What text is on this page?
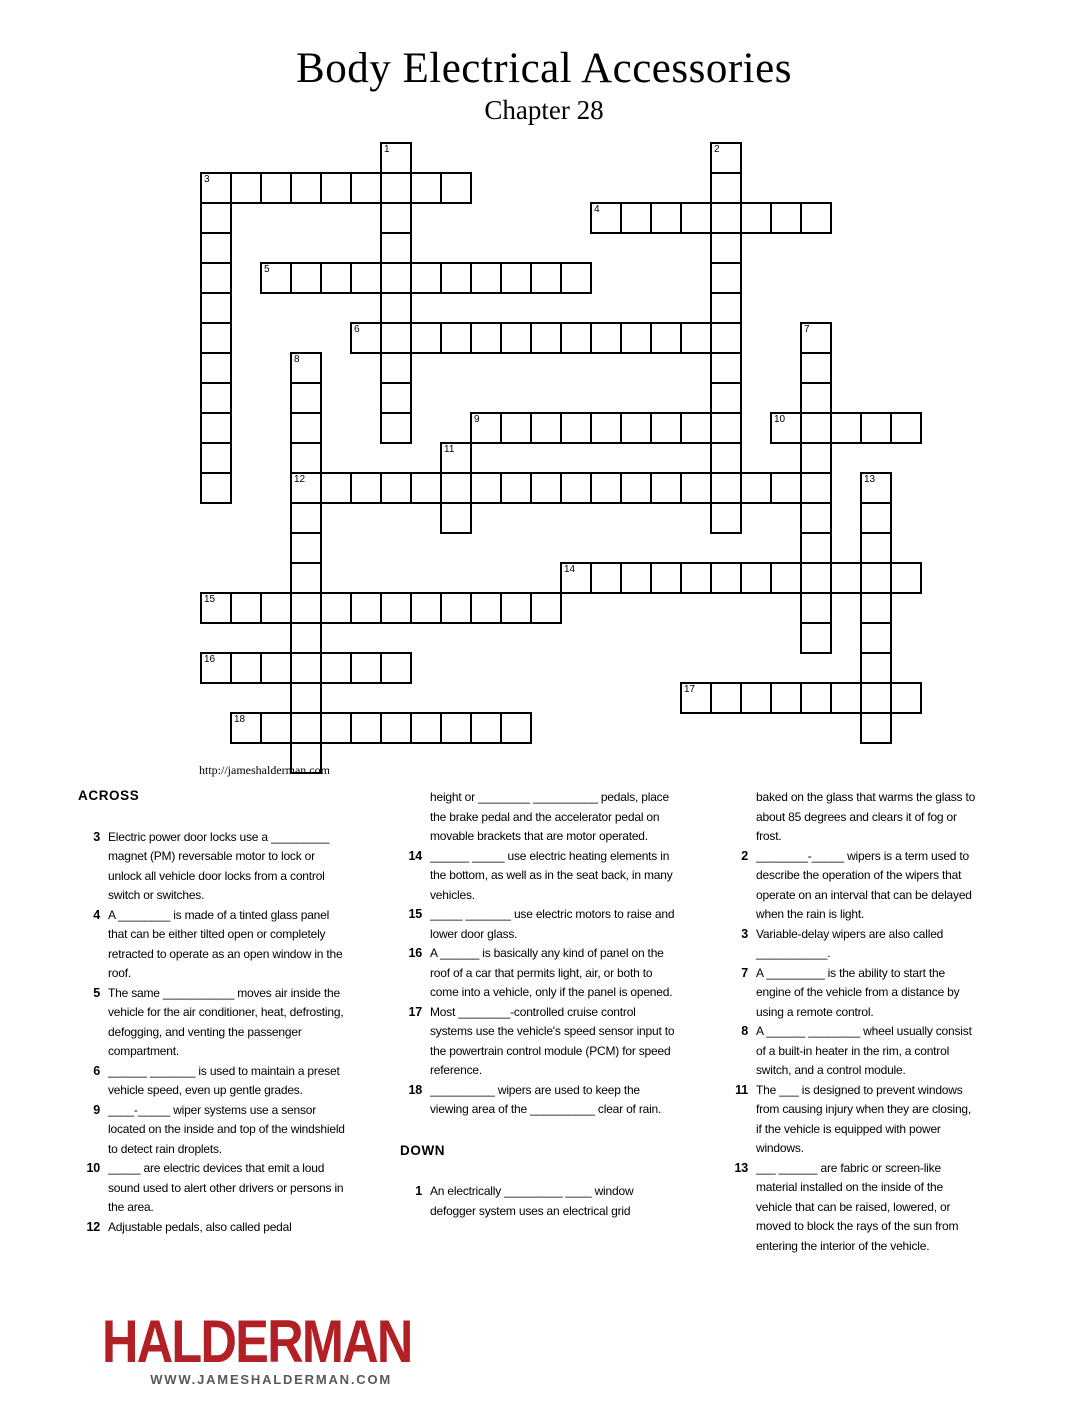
Body Electrical Accessories
Chapter 28
3
4
5
6
9	10
12
14
15
16
17
18
1	2
7
8
11
13
http://jameshalderman.com
ACROSS
3 Electric power door locks use a _________ magnet (PM) reversable motor to lock or unlock all vehicle door locks from a control switch or switches.
4 A ________ is made of a tinted glass panel that can be either tilted open or completely retracted to operate as an open window in the roof.
5 The same ___________ moves air inside the vehicle for the air conditioner, heat, defrosting, defogging, and venting the passenger compartment.
6 ______ _______ is used to maintain a preset vehicle speed, even up gentle grades.
9 ____-_____ wiper systems use a sensor located on the inside and top of the windshield to detect rain droplets.
10 _____ are electric devices that emit a loud sound used to alert other drivers or persons in the area.
12 Adjustable pedals, also called pedal
height or ________ __________ pedals, place the brake pedal and the accelerator pedal on movable brackets that are motor operated.
14 ______ _____ use electric heating elements in the bottom, as well as in the seat back, in many vehicles.
15 _____ _______ use electric motors to raise and lower door glass.
16 A ______ is basically any kind of panel on the roof of a car that permits light, air, or both to come into a vehicle, only if the panel is opened.
17 Most ________-controlled cruise control systems use the vehicle's speed sensor input to the powertrain control module (PCM) for speed reference.
18 __________ wipers are used to keep the viewing area of the __________ clear of rain.
DOWN
1 An electrically _________ ____ window defogger system uses an electrical grid
baked on the glass that warms the glass to about 85 degrees and clears it of fog or frost.
2 ________-_____ wipers is a term used to describe the operation of the wipers that operate on an interval that can be delayed when the rain is light.
3 Variable-delay wipers are also called ___________.
7 A _________ is the ability to start the engine of the vehicle from a distance by using a remote control.
8 A ______ ________ wheel usually consist of a built-in heater in the rim, a control switch, and a control module.
11 The ___ is designed to prevent windows from causing injury when they are closing, if the vehicle is equipped with power windows.
13 ___ ______ are fabric or screen-like material installed on the inside of the vehicle that can be raised, lowered, or moved to block the rays of the sun from entering the interior of the vehicle.
HALDERMAN
WWW.JAMESHALDERMAN.COM
